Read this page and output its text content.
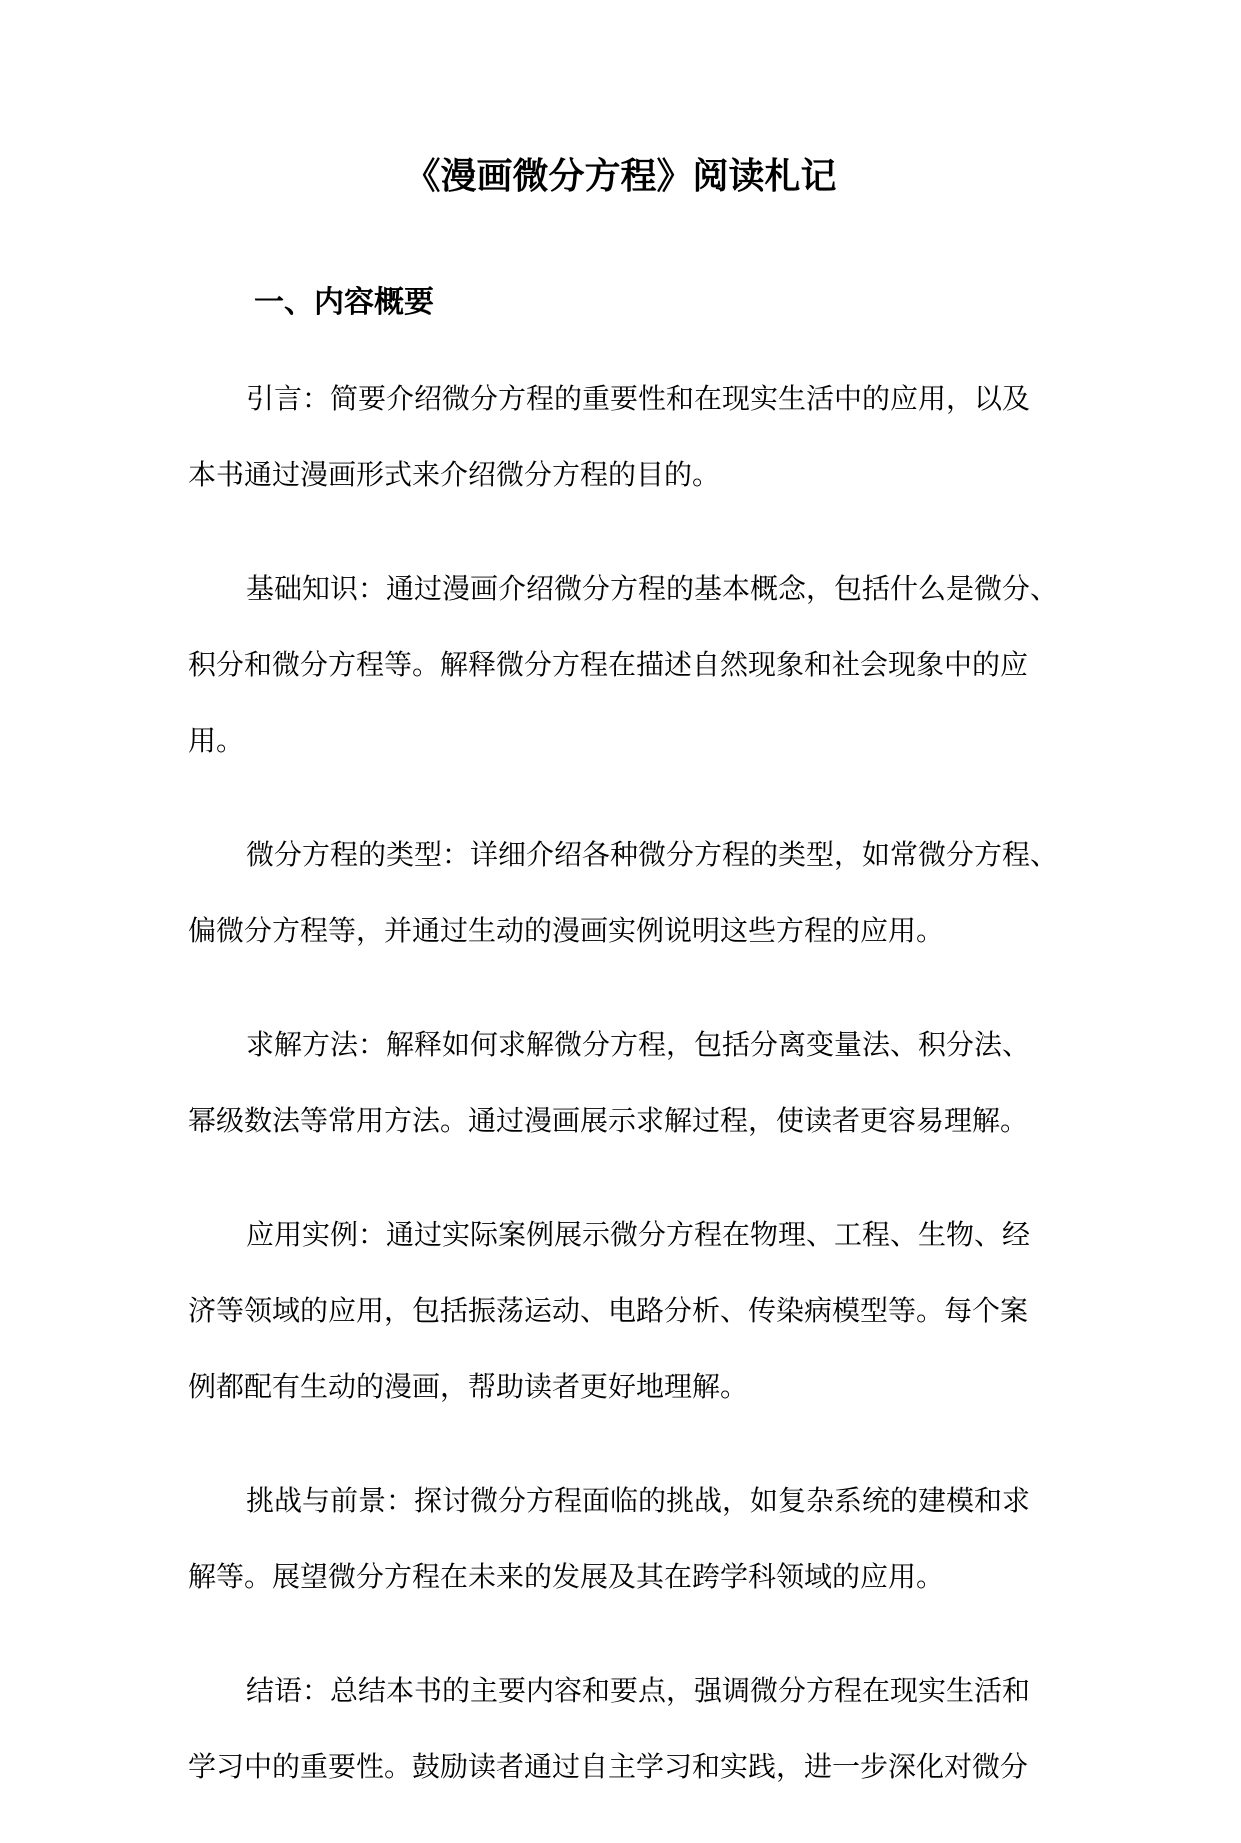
《漫画微分方程》阅读札记
一、内容概要

引言：简要介绍微分方程的重要性和在现实生活中的应用，以及
本书通过漫画形式来介绍微分方程的目的。

基础知识：通过漫画介绍微分方程的基本概念，包括什么是微分、
积分和微分方程等。解释微分方程在描述自然现象和社会现象中的应
用。

微分方程的类型：详细介绍各种微分方程的类型，如常微分方程、
偏微分方程等，并通过生动的漫画实例说明这些方程的应用。

求解方法：解释如何求解微分方程，包括分离变量法、积分法、
幂级数法等常用方法。通过漫画展示求解过程，使读者更容易理解。

应用实例：通过实际案例展示微分方程在物理、工程、生物、经
济等领域的应用，包括振荡运动、电路分析、传染病模型等。每个案
例都配有生动的漫画，帮助读者更好地理解。

挑战与前景：探讨微分方程面临的挑战，如复杂系统的建模和求
解等。展望微分方程在未来的发展及其在跨学科领域的应用。

结语：总结本书的主要内容和要点，强调微分方程在现实生活和
学习中的重要性。鼓励读者通过自主学习和实践，进一步深化对微分
